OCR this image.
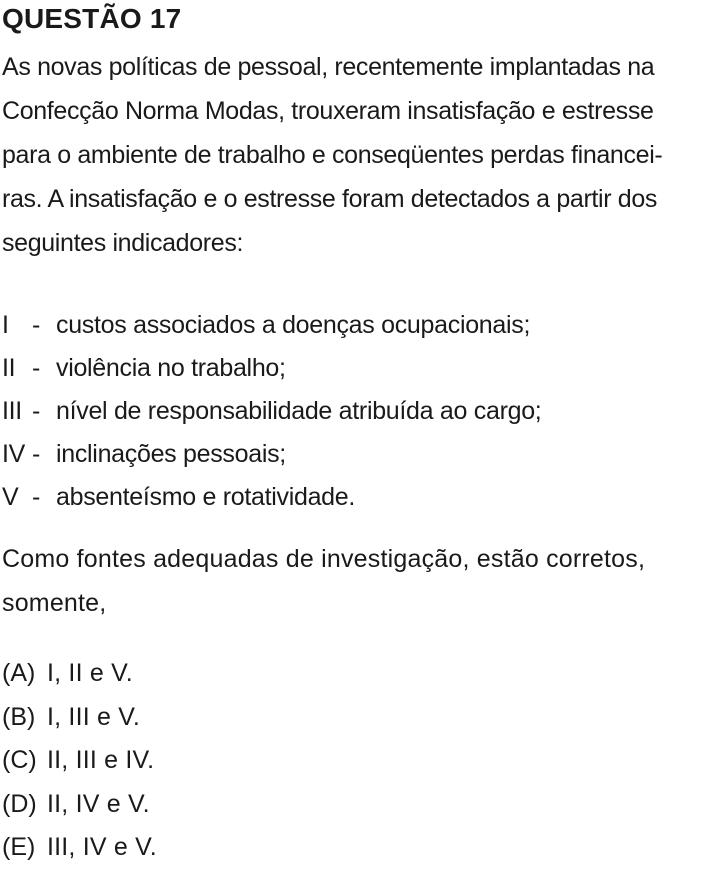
QUESTÃO 17
As novas políticas de pessoal, recentemente implantadas na
Confecção Norma Modas, trouxeram insatisfação e estresse
para o ambiente de trabalho e conseqüentes perdas financei-
ras. A insatisfação e o estresse foram detectados a partir dos
seguintes indicadores:
I - custos associados a doenças ocupacionais;
II - violência no trabalho;
III - nível de responsabilidade atribuída ao cargo;
IV - inclinações pessoais;
V - absenteísmo e rotatividade.
Como fontes adequadas de investigação, estão corretos,
somente,
(A) I, II e V.
(B) I, III e V.
(C) II, III e IV.
(D) II, IV e V.
(E) III, IV e V.
